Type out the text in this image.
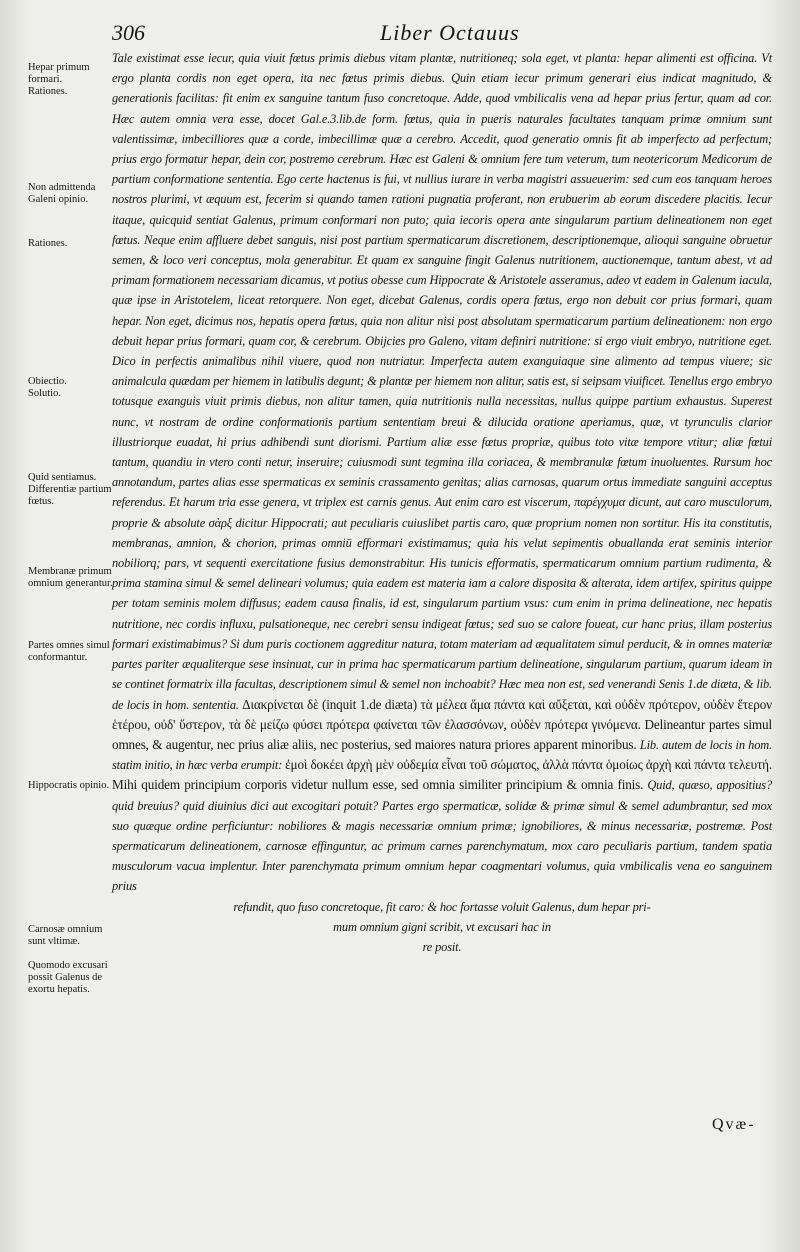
306	Liber Octauus
Hepar primum formari.
Rationes.
Non admittenda Galeni opinio.
Rationes.
Obiectio.
Solutio.
Quid sentiamus.
Differentiæ partium fœtus.
Membranæ primum omnium generantur.
Partes omnes simul conformantur.
Hippocratis opinio.
Carnosæ omnium sunt vltimæ.
Quomodo excusari possit Galenus de exortu hepatis.

Tale existimat esse iecur, quia viuit fœtus primis diebus vitam plantæ, nutritioneq; sola eget, vt planta: hepar alimenti est officina. Vt ergo planta cordis non eget opera, ita nec fœtus primis diebus. Quin etiam iecur primum generari eius indicat magnitudo, & generationis facilitas: fit enim ex sanguine tantum fuso concretoque. Adde, quod vmbilicalis vena ad hepar prius fertur, quam ad cor. Hæc autem omnia vera esse, docet Gal.e.3.lib.de form. fœtus, quia in pueris naturales facultates tanquam primæ omnium sunt valentissimæ, imbecilliores quæ a corde, imbecillimæ quæ a cerebro. Accedit, quod generatio omnis fit ab imperfecto ad perfectum; prius ergo formatur hepar, dein cor, postremo cerebrum. Hæc est Galeni & omnium fere tum veterum, tum neotericorum Medicorum de partium conformatione sententia. Ego certe hactenus is fui, vt nullius iurare in verba magistri assueuerim: sed cum eos tanquam heroes nostros plurimi, vt æquum est, fecerim si quando tamen rationi pugnatia proferant, non erubuerim ab eorum discedere placitis. Iecur itaque, quicquid sentiat Galenus, primum conformari non puto; quia iecoris opera ante singularum partium delineationem non eget fœtus. Neque enim affluere debet sanguis, nisi post partium spermaticarum discretionem, descriptionemque, alioqui sanguine obruetur semen, & loco veri conceptus, mola generabitur. Et quam ex sanguine fingit Galenus nutritionem, auctionemque, tantum abest, vt ad primam formationem necessariam dicamus, vt potius obesse cum Hippocrate & Aristotele asseramus, adeo vt eadem in Galenum iacula, quæ ipse in Aristotelem, liceat retorquere. Non eget, dicebat Galenus, cordis opera fœtus, ergo non debuit cor prius formari, quam hepar. Non eget, dicimus nos, hepatis opera fœtus, quia non alitur nisi post absolutam spermaticarum partium delineationem: non ergo debuit hepar prius formari, quam cor, & cerebrum. Obijcies pro Galeno, vitam definiri nutritione: si ergo viuit embryo, nutritione eget. Dico in perfectis animalibus nihil viuere, quod non nutriatur. Imperfecta autem exanguiaque sine alimento ad tempus viuere; sic animalcula quædam per hiemem in latibulis degunt; & plantæ per hiemem non alitur, satis est, si seipsam viuificet. Tenellus ergo embryo totusque exanguis viuit primis diebus, non alitur tamen, quia nutritionis nulla necessitas, nullus quippe partium exhaustus. Superest nunc, vt nostram de ordine conformationis partium sententiam breui & dilucida oratione aperiamus, quæ, vt tyrunculis clarior illustriorque euadat, hi prius adhibendi sunt diorismi. Partium aliæ esse fœtus propriæ, quibus toto vitæ tempore vtitur; aliæ fœtui tantum, quandiu in vtero conti netur, inseruire; cuiusmodi sunt tegmina illa coriacea, & membranulæ fœtum inuoluentes. Rursum hoc annotandum, partes alias esse spermaticas ex seminis crassamento genitas; alias carnosas, quarum ortus immediate sanguini acceptus referendus. Et harum tria esse genera, vt triplex est carnis genus. Aut enim caro est viscerum, παρέγχυμα dicunt, aut caro musculorum, proprie & absolute σὰρξ dicitur Hippocrati; aut peculiaris cuiuslibet partis caro, quæ proprium nomen non sortitur. His ita constitutis, membranas, amnion, & chorion, primas omniū efformari existimamus; quia his velut sepimentis obuallanda erat seminis interior nobiliorq; pars, vt sequenti exercitatione fusius demonstrabitur. His tunicis efformatis, spermaticarum omnium partium rudimenta, & prima stamina simul & semel delineari volumus; quia eadem est materia iam a calore disposita & alterata, idem artifex, spiritus quippe per totam seminis molem diffusus; eadem causa finalis, id est, singularum partium vsus: cum enim in prima delineatione, nec hepatis nutritione, nec cordis influxu, pulsationeque, nec cerebri sensu indigeat fœtus; sed suo se calore foueat, cur hanc prius, illam posterius formari existimabimus? Si dum puris coctionem aggreditur natura, totam materiam ad æqualitatem simul perducit, & in omnes materiæ partes pariter æqualiterque sese insinuat, cur in prima hac spermaticarum partium delineatione, singularum partium, quarum ideam in se continet formatrix illa facultas, descriptionem simul & semel non inchoabit? Hæc mea non est, sed venerandi Senis 1.de diæta, & lib. de locis in hom. sententia. Διακρίνεται δὲ (inquit 1.de diæta) τὰ μέλεα ἅμα πάντα καὶ αὔξεται, καὶ οὐδὲν πρότερον, οὐδὲν ἕτερον ἑτέρου, οὐδ' ὕστερον, τὰ δὲ μείζω φύσει πρότερα φαίνεται τῶν ἐλασσόνων, οὐδὲν πρότερα γινόμενα. Delineantur partes simul omnes, & augentur, nec prius aliæ aliis, nec posterius, sed maiores natura priores apparent minoribus. Lib. autem de locis in hom. statim initio, in hæc verba erumpit: ἐμοὶ δοκέει ἀρχὴ μὲν οὐδεμία εἶναι τοῦ σώματος, ἀλλὰ πάντα ὁμοίως ἀρχὴ καὶ πάντα τελευτή. Mihi quidem principium corporis videtur nullum esse, sed omnia similiter principium & omnia finis. Quid, quæso, appositius? quid breuius? quid diuinius dici aut excogitari potuit? Partes ergo spermaticæ, solidæ & primæ simul & semel adumbrantur, sed mox suo quæque ordine perficiuntur: nobiliores & magis necessariæ omnium primæ; ignobiliores, & minus necessariæ, postremæ. Post spermaticarum delineationem, carnosæ effinguntur, ac primum carnes parenchymatum, mox caro peculiaris partium, tandem spatia musculorum vacua implentur. Inter parenchymata primum omnium hepar coagmentari volumus, quia vmbilicalis vena eo sanguinem prius
refundit, quo fuso concretoque, fit caro: & hoc fortasse voluit Galenus, dum hepar pri-
mum omnium gigni scribit, vt excusari hac in
re posit.

Qvæ-
